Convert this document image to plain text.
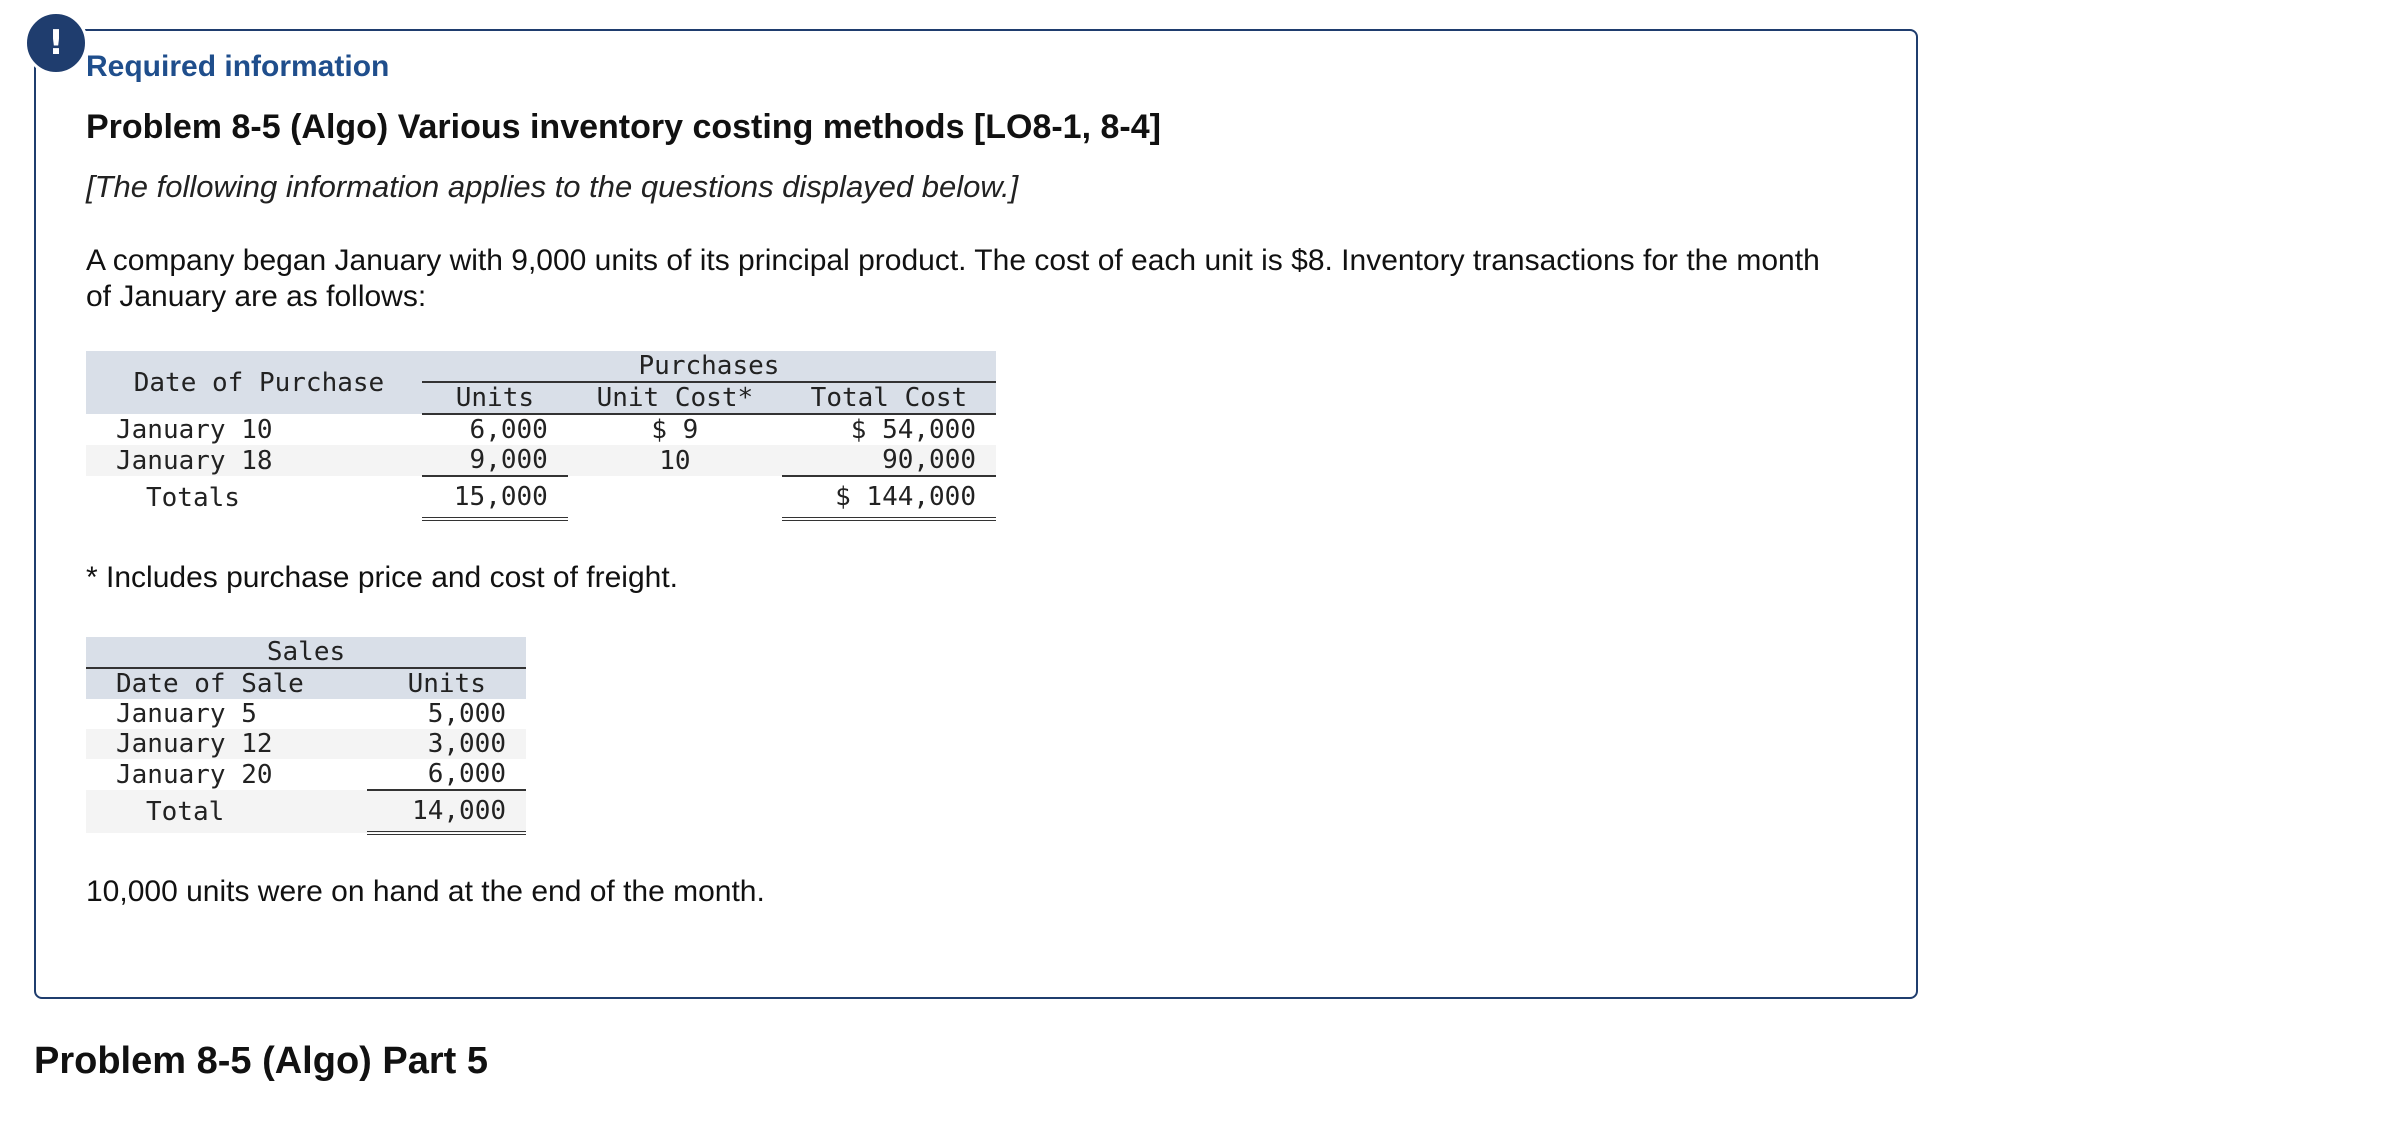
!
Required information
Problem 8-5 (Algo) Various inventory costing methods [LO8-1, 8-4]
[The following information applies to the questions displayed below.]
A company began January with 9,000 units of its principal product. The cost of each unit is $8. Inventory transactions for the month of January are as follows:
Date of Purchase	Purchases		
	Units	Unit Cost*	Total Cost
January 10	6,000	$ 9	$ 54,000
January 18	9,000	10	90,000
Totals	15,000		$ 144,000
* Includes purchase price and cost of freight.
Sales	
Date of Sale	Units
January 5	5,000
January 12	3,000
January 20	6,000
Total	14,000
10,000 units were on hand at the end of the month.
Problem 8-5 (Algo) Part 5
